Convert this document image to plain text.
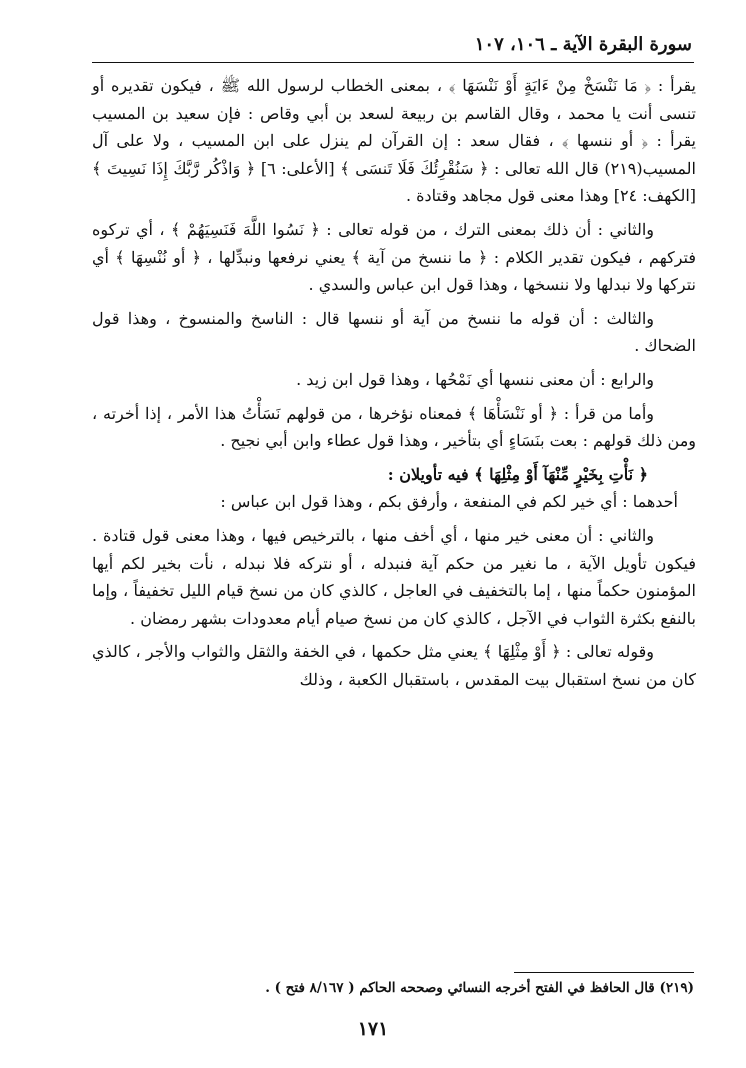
سورة البقرة الآية ـ ١٠٦، ١٠٧

يقرأ : ﴿ مَا نَنْسَخْ مِنْ ءَايَةٍ أَوْ نَنْسَهَا ﴾ ، بمعنى الخطاب لرسول الله ﷺ ، فيكون تقديره أو تنسى أنت يا محمد ، وقال القاسم بن ربيعة لسعد بن أبي وقاص : فإن سعيد بن المسيب يقرأ : ﴿ أو ننسها ﴾ ، فقال سعد : إن القرآن لم ينزل على ابن المسيب ، ولا على آل المسيب(٢١٩) قال الله تعالى : ﴿ سَنُقْرِئُكَ فَلَا تَنسَى ﴾ [الأعلى: ٦] ﴿ وَاذْكُر رَّبَّكَ إِذَا نَسِيتَ ﴾ [الكهف: ٢٤] وهذا معنى قول مجاهد وقتادة .

والثاني : أن ذلك بمعنى الترك ، من قوله تعالى : ﴿ نَسُوا اللَّهَ فَنَسِيَهُمْ ﴾ ، أي تركوه فتركهم ، فيكون تقدير الكلام : ﴿ ما ننسخ من آية ﴾ يعني نرفعها ونبدِّلها ، ﴿ أو نُنْسِهَا ﴾ أي نتركها ولا نبدلها ولا ننسخها ، وهذا قول ابن عباس والسدي .

والثالث : أن قوله ما ننسخ من آية أو ننسها قال : الناسخ والمنسوخ ، وهذا قول الضحاك .

والرابع : أن معنى ننسها أي نَمْحُها ، وهذا قول ابن زيد .

وأما من قرأ : ﴿ أو نَنْسَأْهَا ﴾ فمعناه نؤخرها ، من قولهم نَسَأْتُ هذا الأمر ، إذا أخرته ، ومن ذلك قولهم : بعت بنَسَاءٍ أي بتأخير ، وهذا قول عطاء وابن أبي نجيح .

﴿ نَأْتِ بِخَيْرٍ مِّنْهَآ أَوْ مِثْلِهَا ﴾ فيه تأويلان :

أحدهما : أي خير لكم في المنفعة ، وأرفق بكم ، وهذا قول ابن عباس :

والثاني : أن معنى خير منها ، أي أخف منها ، بالترخيص فيها ، وهذا معنى قول قتادة . فيكون تأويل الآية ، ما نغير من حكم آية فنبدله ، أو نتركه فلا نبدله ، نأت بخير لكم أيها المؤمنون حكماً منها ، إما بالتخفيف في العاجل ، كالذي كان من نسخ قيام الليل تخفيفاً ، وإما بالنفع بكثرة الثواب في الآجل ، كالذي كان من نسخ صيام أيام معدودات بشهر رمضان .

وقوله تعالى : ﴿ أَوْ مِثْلِهَا ﴾ يعني مثل حكمها ، في الخفة والثقل والثواب والأجر ، كالذي كان من نسخ استقبال بيت المقدس ، باستقبال الكعبة ، وذلك

(٢١٩) قال الحافظ في الفتح أخرجه النسائي وصححه الحاكم ( ٨/١٦٧ فتح ) .
١٧١
